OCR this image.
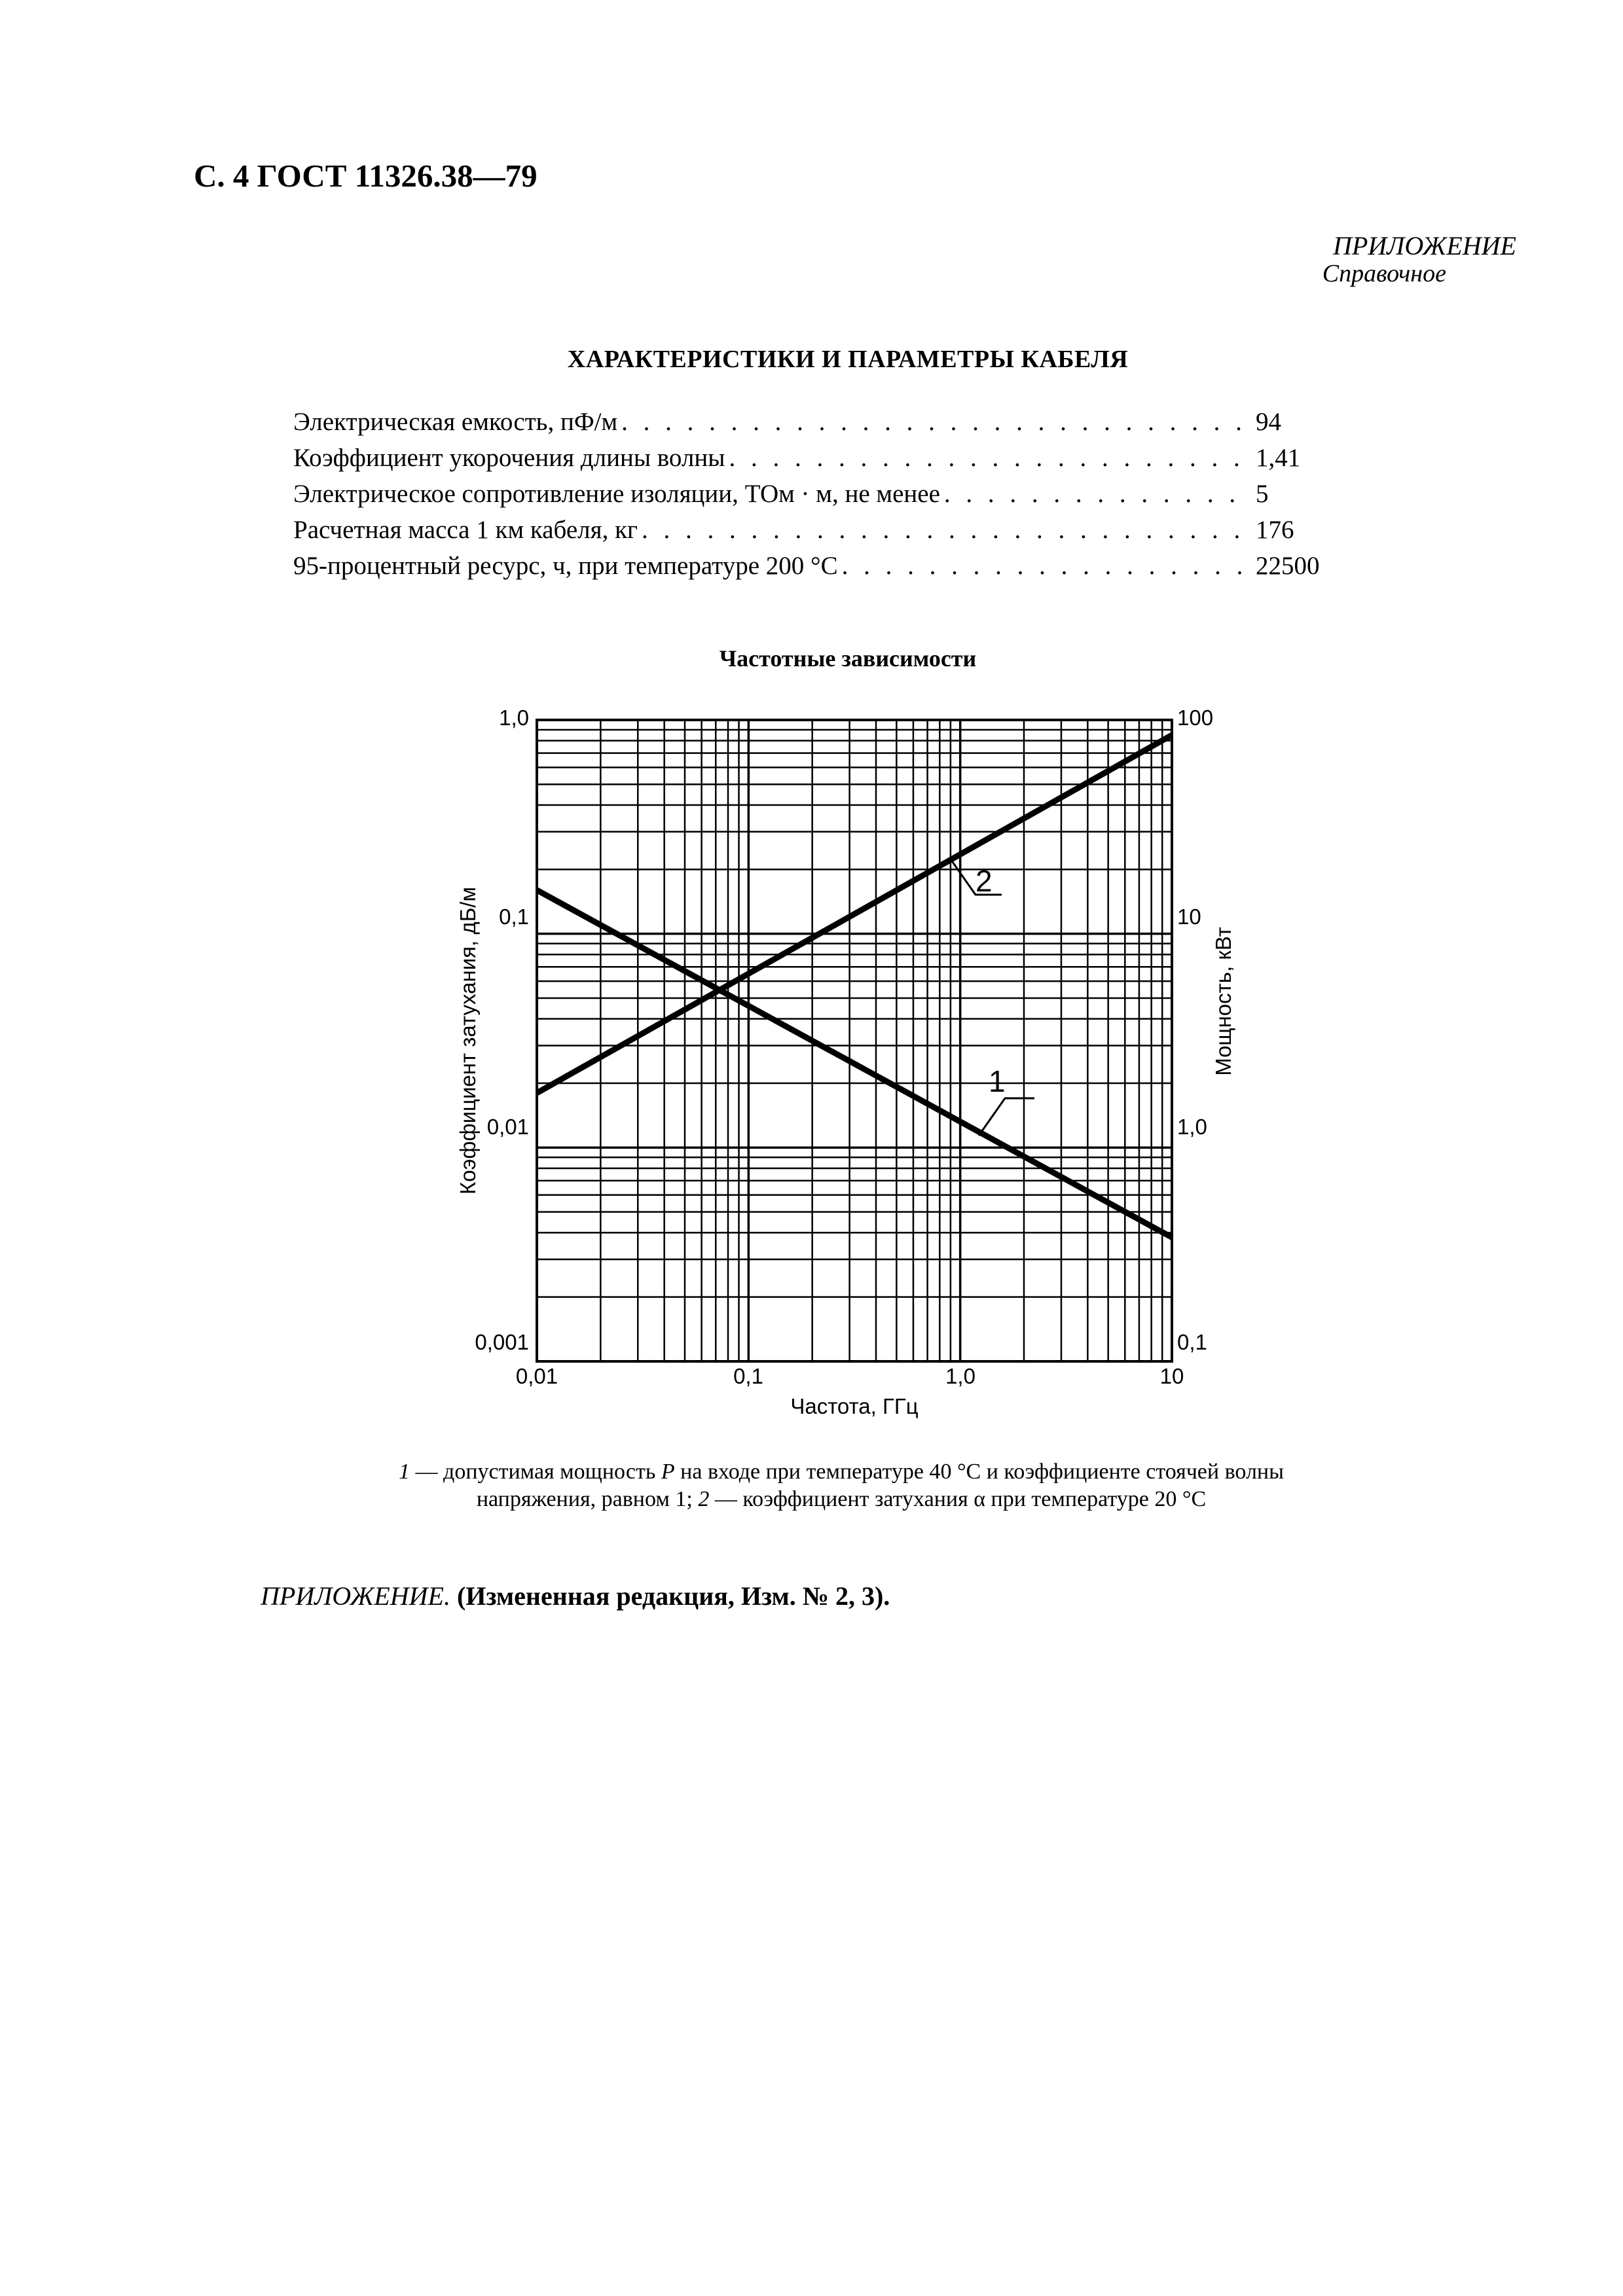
С. 4 ГОСТ 11326.38—79
ПРИЛОЖЕНИЕ
Справочное
ХАРАКТЕРИСТИКИ И ПАРАМЕТРЫ КАБЕЛЯ
Электрическая емкость, пФ/м . . .	94
Коэффициент укорочения длины волны . . .	1,41
Электрическое сопротивление изоляции, ТОм · м, не менее . . .	5
Расчетная масса 1 км кабеля, кг . . .	176
95-процентный ресурс, ч, при температуре 200 °С . . .	22500
Частотные зависимости
1
2
1,0
0,1
0,01
0,001
100
10
1,0
0,1
0,01	0,1	1,0	10
Частота, ГГц
Коэффициент затухания, дБ/м	Мощность, кВт
1 — допустимая мощность P на входе при температуре 40 °С и коэффициенте стоячей волны напряжения, равном 1; 2 — коэффициент затухания α при температуре 20 °С
ПРИЛОЖЕНИЕ. (Измененная редакция, Изм. № 2, 3).
